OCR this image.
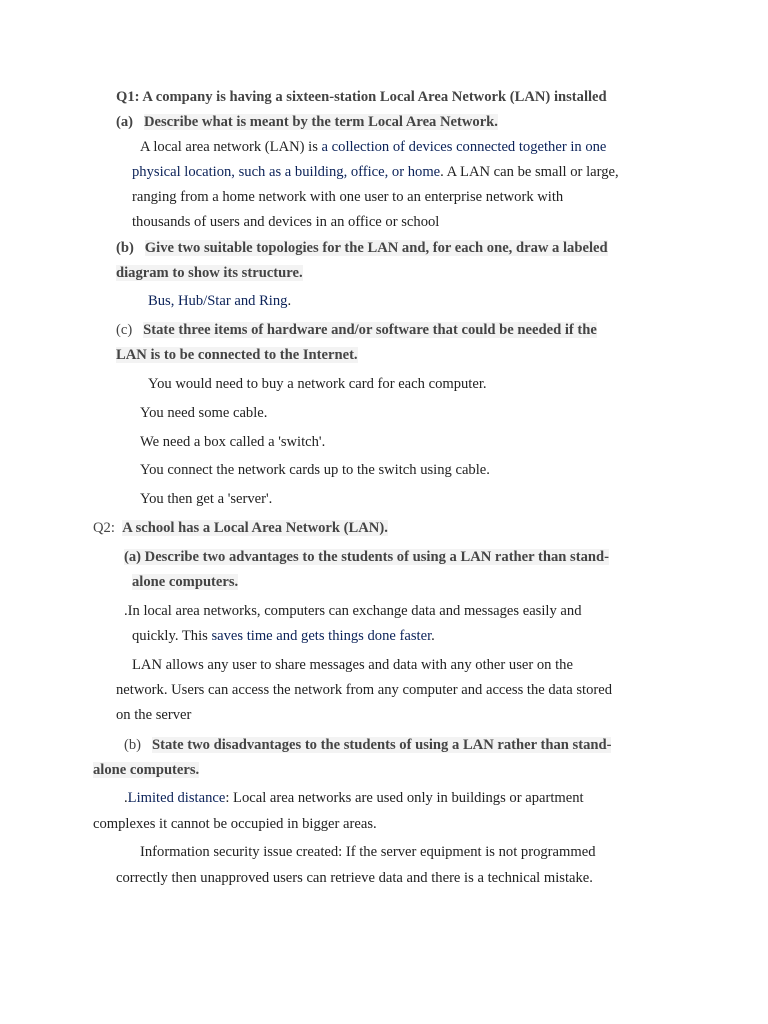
Q1: A company is having a sixteen-station Local Area Network (LAN) installed
(a) Describe what is meant by the term Local Area Network.
A local area network (LAN) is a collection of devices connected together in one
physical location, such as a building, office, or home. A LAN can be small or large,
ranging from a home network with one user to an enterprise network with
thousands of users and devices in an office or school
(b) Give two suitable topologies for the LAN and, for each one, draw a labeled
diagram to show its structure.
Bus, Hub/Star and Ring.
(c) State three items of hardware and/or software that could be needed if the
LAN is to be connected to the Internet.
You would need to buy a network card for each computer.
You need some cable.
We need a box called a 'switch'.
You connect the network cards up to the switch using cable.
You then get a 'server'.
Q2: A school has a Local Area Network (LAN).
(a) Describe two advantages to the students of using a LAN rather than stand-
alone computers.
.In local area networks, computers can exchange data and messages easily and
quickly. This saves time and gets things done faster.
LAN allows any user to share messages and data with any other user on the
network. Users can access the network from any computer and access the data stored
on the server
(b) State two disadvantages to the students of using a LAN rather than stand-
alone computers.
.Limited distance: Local area networks are used only in buildings or apartment
complexes it cannot be occupied in bigger areas.
Information security issue created: If the server equipment is not programmed
correctly then unapproved users can retrieve data and there is a technical mistake.
